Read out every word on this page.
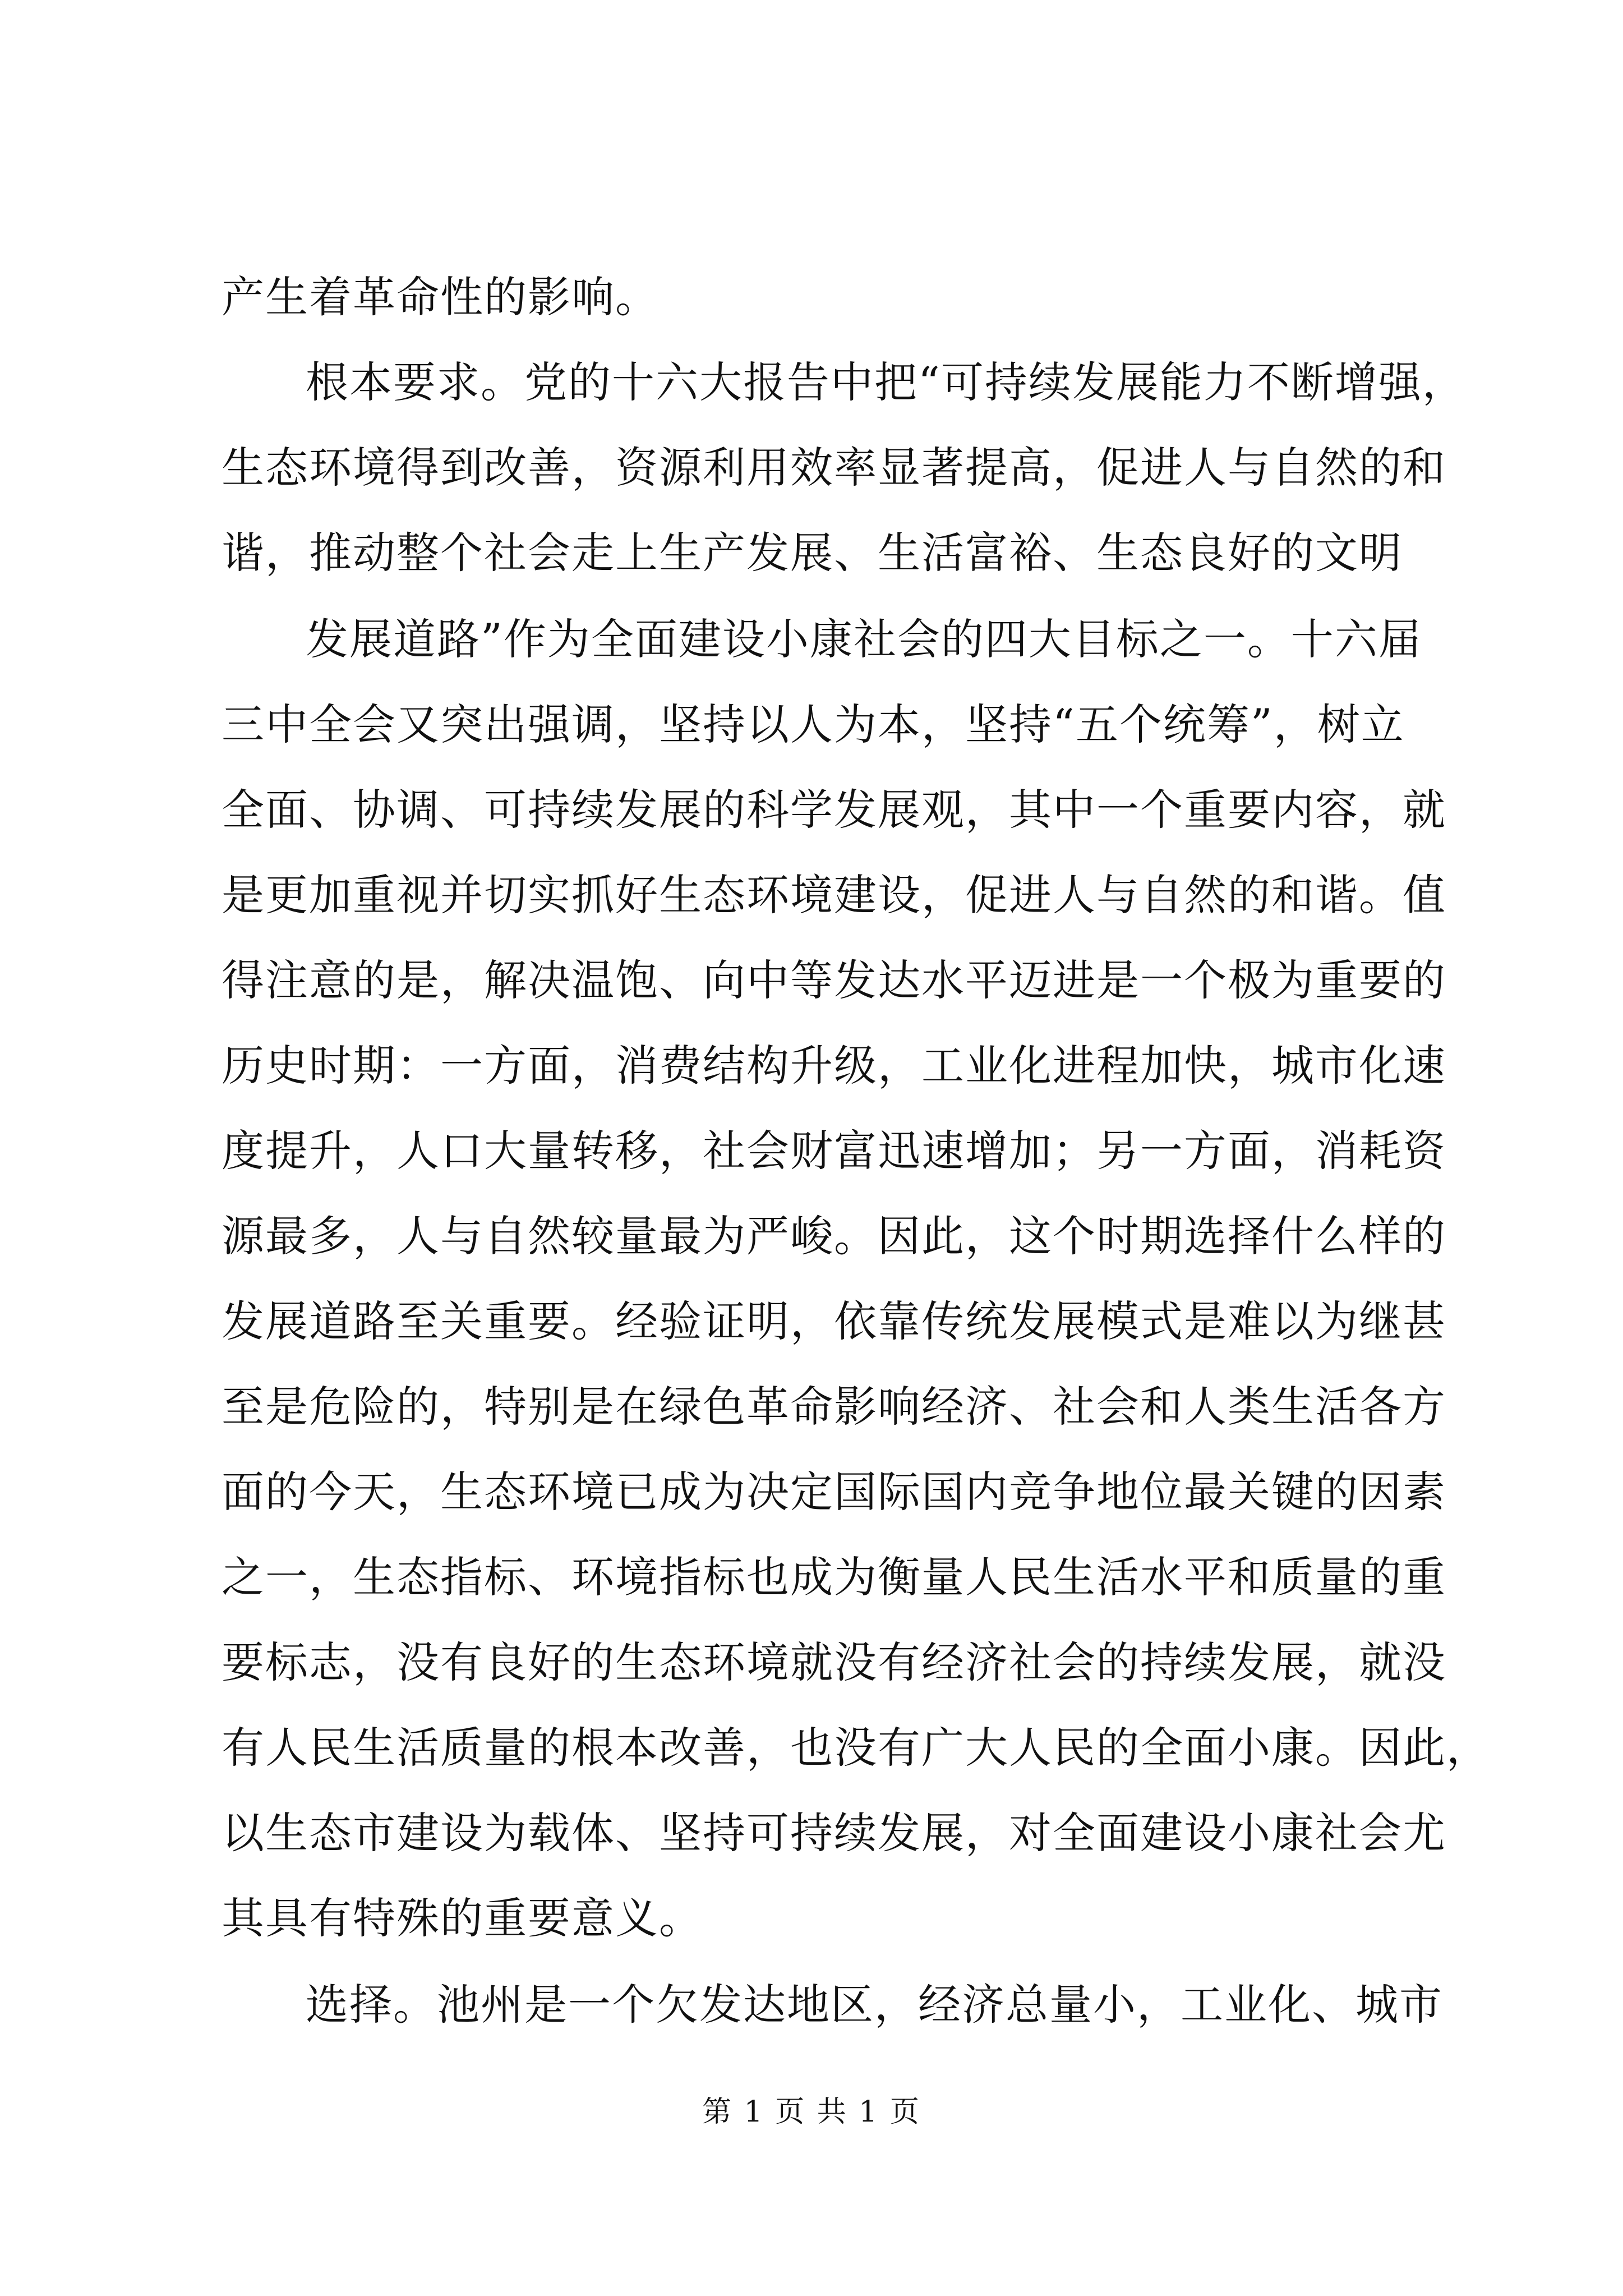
产生着革命性的影响。
根本要求。党的十六大报告中把“可持续发展能力不断增强，
生态环境得到改善，资源利用效率显著提高，促进人与自然的和
谐，推动整个社会走上生产发展、生活富裕、生态良好的文明
发展道路”作为全面建设小康社会的四大目标之一。十六届
三中全会又突出强调，坚持以人为本，坚持“五个统筹”，树立
全面、协调、可持续发展的科学发展观，其中一个重要内容，就
是更加重视并切实抓好生态环境建设，促进人与自然的和谐。值
得注意的是，解决温饱、向中等发达水平迈进是一个极为重要的
历史时期：一方面，消费结构升级，工业化进程加快，城市化速
度提升，人口大量转移，社会财富迅速增加；另一方面，消耗资
源最多，人与自然较量最为严峻。因此，这个时期选择什么样的
发展道路至关重要。经验证明，依靠传统发展模式是难以为继甚
至是危险的，特别是在绿色革命影响经济、社会和人类生活各方
面的今天，生态环境已成为决定国际国内竞争地位最关键的因素
之一，生态指标、环境指标也成为衡量人民生活水平和质量的重
要标志，没有良好的生态环境就没有经济社会的持续发展，就没
有人民生活质量的根本改善，也没有广大人民的全面小康。因此，
以生态市建设为载体、坚持可持续发展，对全面建设小康社会尤
其具有特殊的重要意义。
选择。池州是一个欠发达地区，经济总量小，工业化、城市
第 1 页 共 1 页
